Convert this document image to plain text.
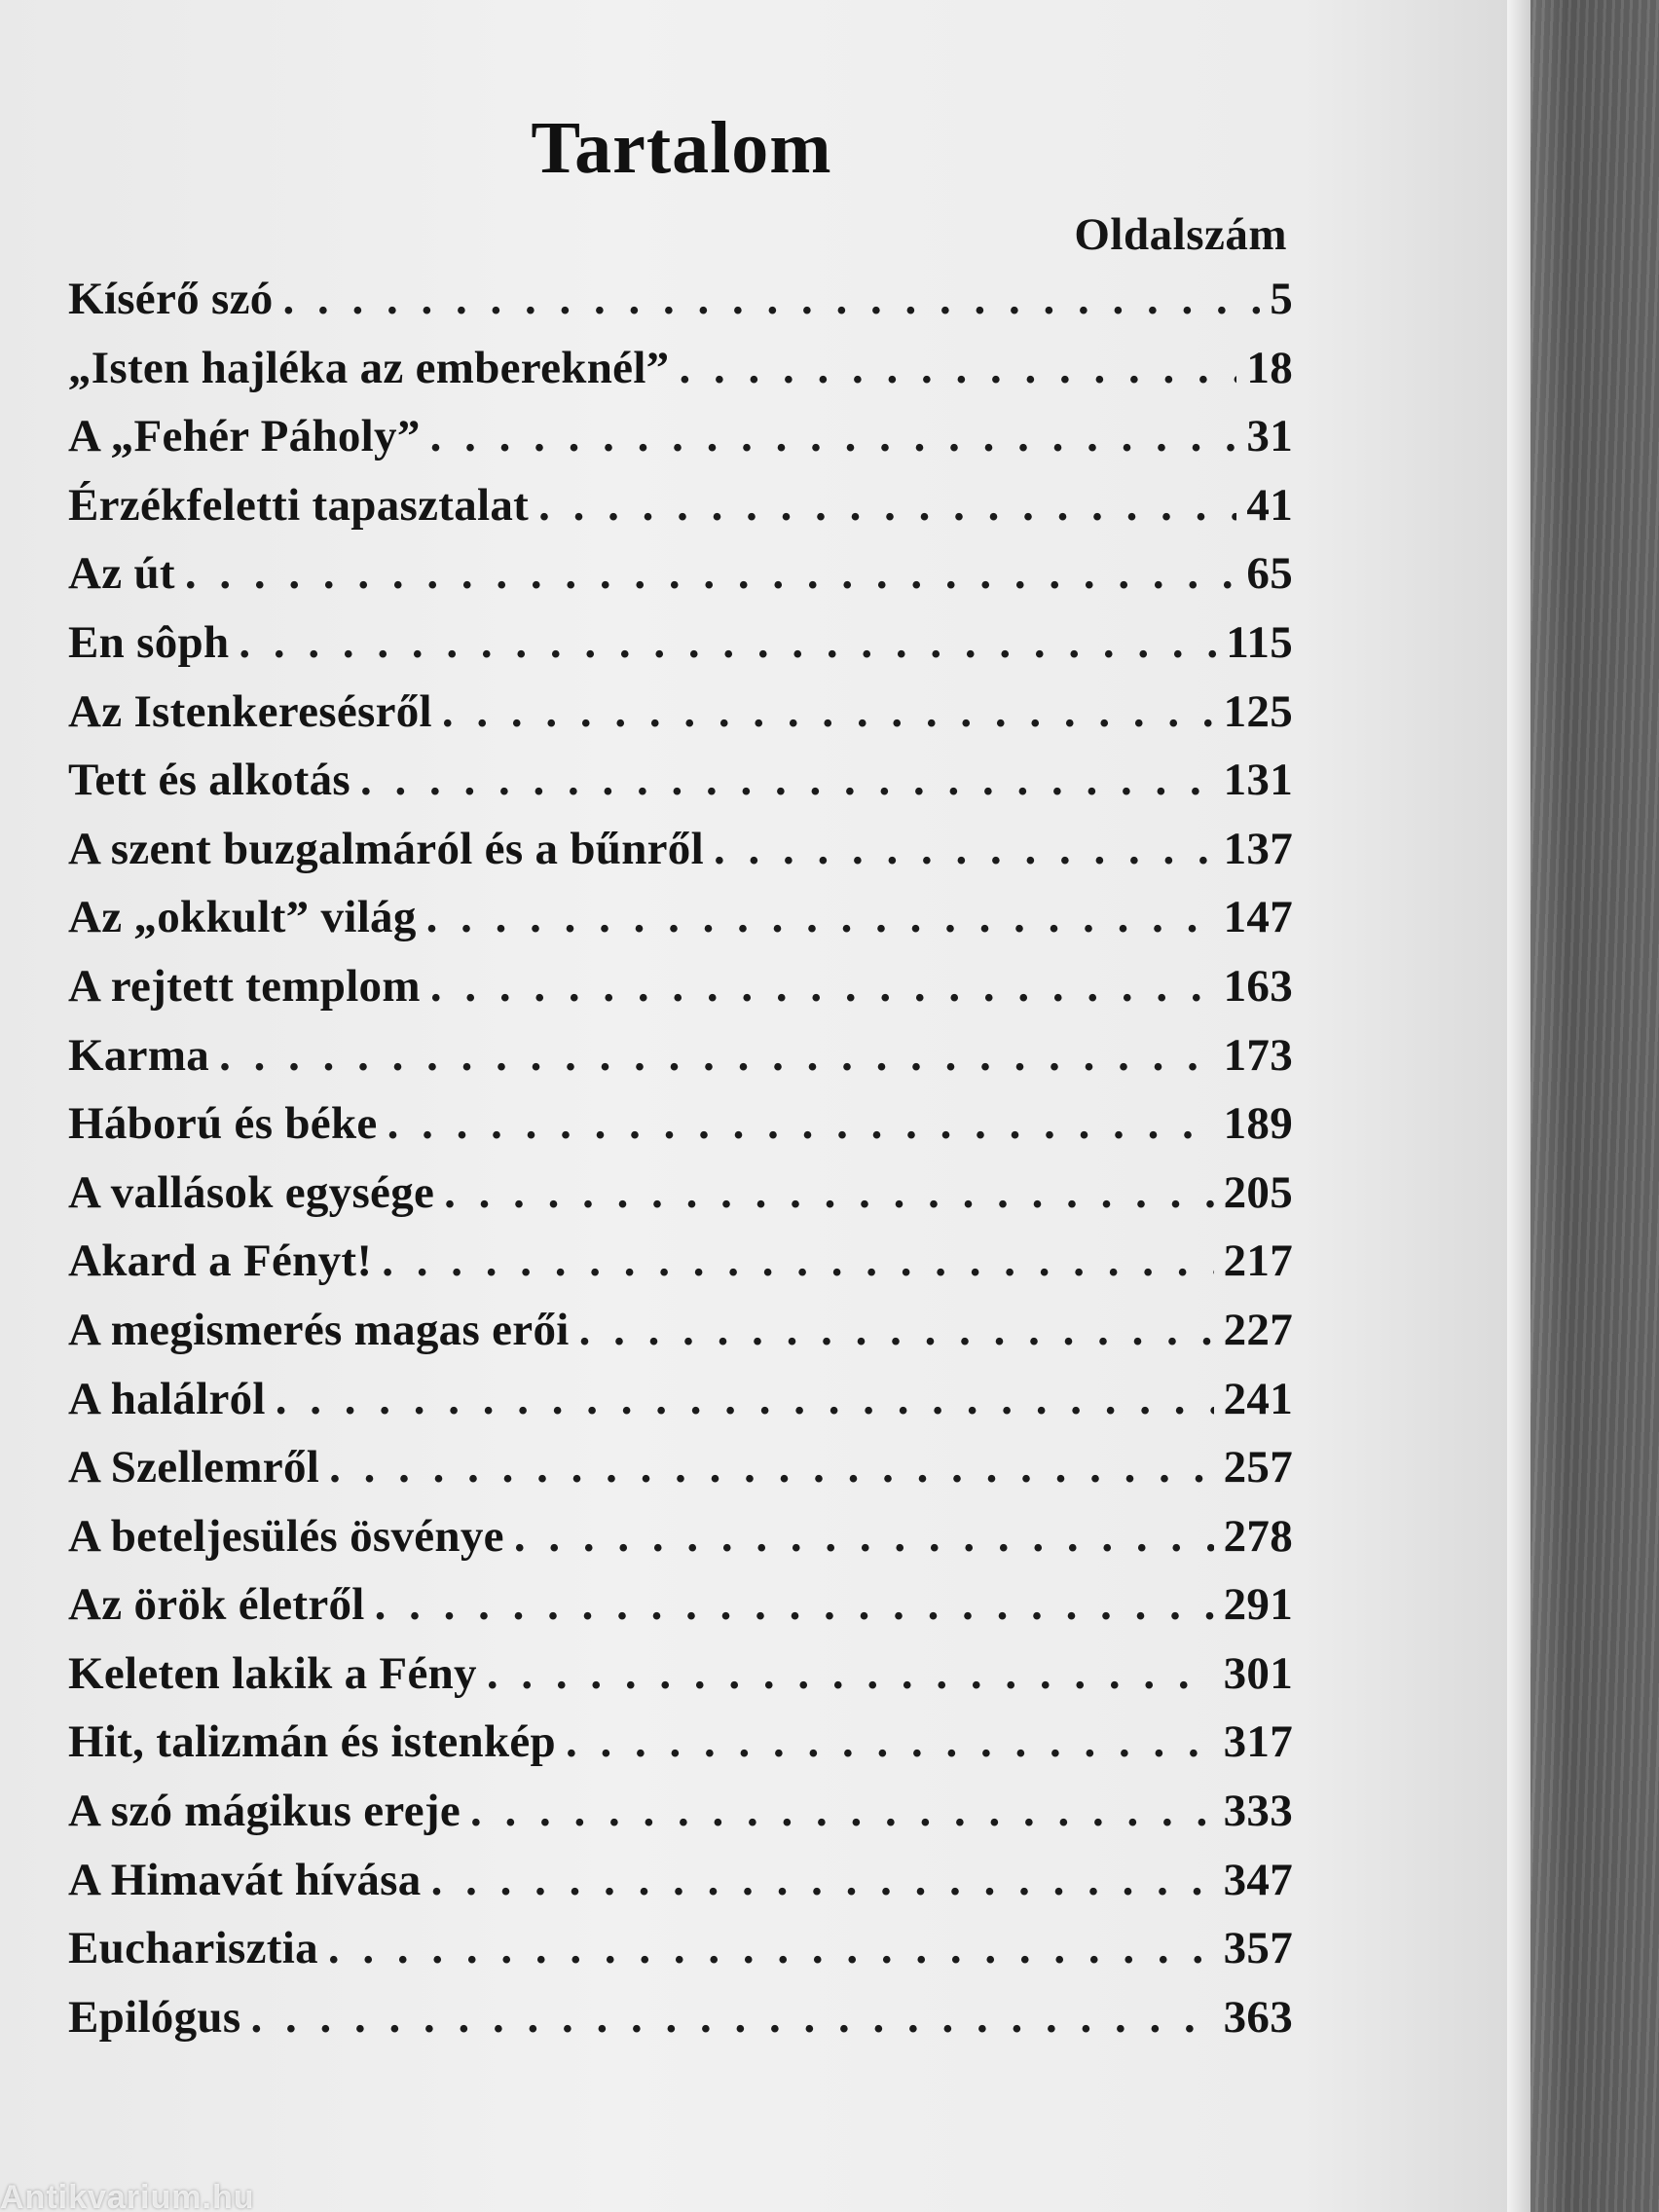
Tartalom
Oldalszám
Kísérő szó . . .	5
„Isten hajléka az embereknél” . . .	18
A „Fehér Páholy” . . .	31
Érzékfeletti tapasztalat . . .	41
Az út . . .	65
En sôph . . .	115
Az Istenkeresésről . . .	125
Tett és alkotás . . .	131
A szent buzgalmáról és a bűnről . . .	137
Az „okkult” világ . . .	147
A rejtett templom . . .	163
Karma . . .	173
Háború és béke . . .	189
A vallások egysége . . .	205
Akard a Fényt! . . .	217
A megismerés magas erői . . .	227
A halálról . . .	241
A Szellemről . . .	257
A beteljesülés ösvénye . . .	278
Az örök életről . . .	291
Keleten lakik a Fény . . .	301
Hit, talizmán és istenkép . . .	317
A szó mágikus ereje . . .	333
A Himavát hívása . . .	347
Eucharisztia . . .	357
Epilógus . . .	363
Antikvarium.hu
